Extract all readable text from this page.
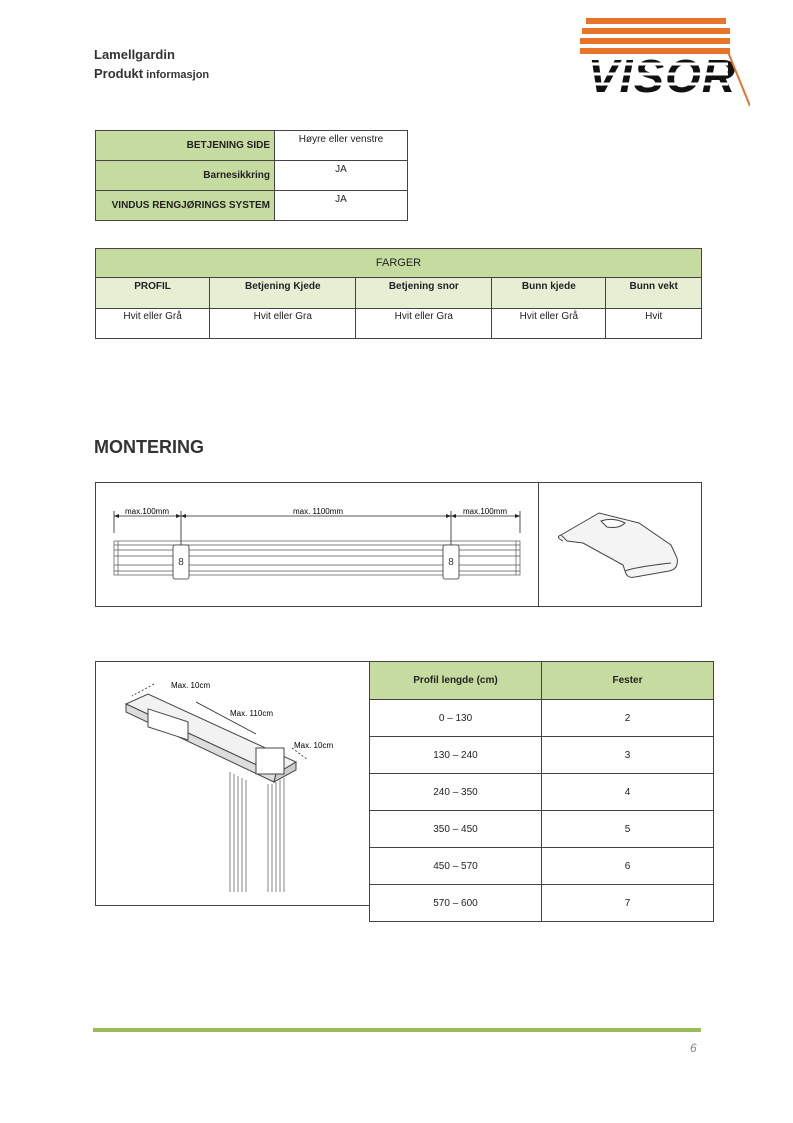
Lamellgardin
Produkt informasjon	VISOR
BETJENING SIDE	Høyre eller venstre
Barnesikkring	JA
VINDUS RENGJØRINGS SYSTEM	JA
FARGER				
PROFIL	Betjening Kjede	Betjening snor	Bunn kjede	Bunn vekt
Hvit eller Grå	Hvit eller Gra	Hvit eller Gra	Hvit eller Grå	Hvit
MONTERING
max.100mm	max. 1100mm	max.100mm
8	8
Max. 10cm
Max. 110cm
Max. 10cm
Profil lengde (cm)	Fester
0 – 130	2
130 – 240	3
240 – 350	4
350 – 450	5
450 – 570	6
570 – 600	7
6
